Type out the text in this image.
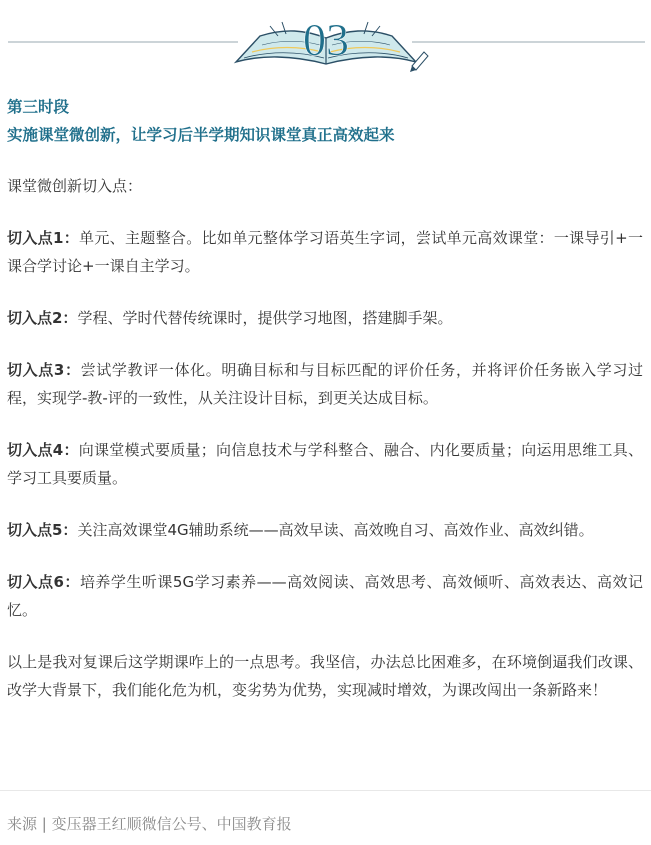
03
第三时段
实施课堂微创新，让学习后半学期知识课堂真正高效起来

课堂微创新切入点：

切入点1：单元、主题整合。比如单元整体学习语英生字词，尝试单元高效课堂：一课导引+一课合学讨论+一课自主学习。

切入点2：学程、学时代替传统课时，提供学习地图，搭建脚手架。

切入点3：尝试学教评一体化。明确目标和与目标匹配的评价任务，并将评价任务嵌入学习过程，实现学-教-评的一致性，从关注设计目标，到更关达成目标。

切入点4：向课堂模式要质量；向信息技术与学科整合、融合、内化要质量；向运用思维工具、学习工具要质量。

切入点5：关注高效课堂4G辅助系统——高效早读、高效晚自习、高效作业、高效纠错。

切入点6：培养学生听课5G学习素养——高效阅读、高效思考、高效倾听、高效表达、高效记忆。

以上是我对复课后这学期课咋上的一点思考。我坚信，办法总比困难多，在环境倒逼我们改课、改学大背景下，我们能化危为机，变劣势为优势，实现减时增效，为课改闯出一条新路来！

来源 | 变压器王红顺微信公号、中国教育报
